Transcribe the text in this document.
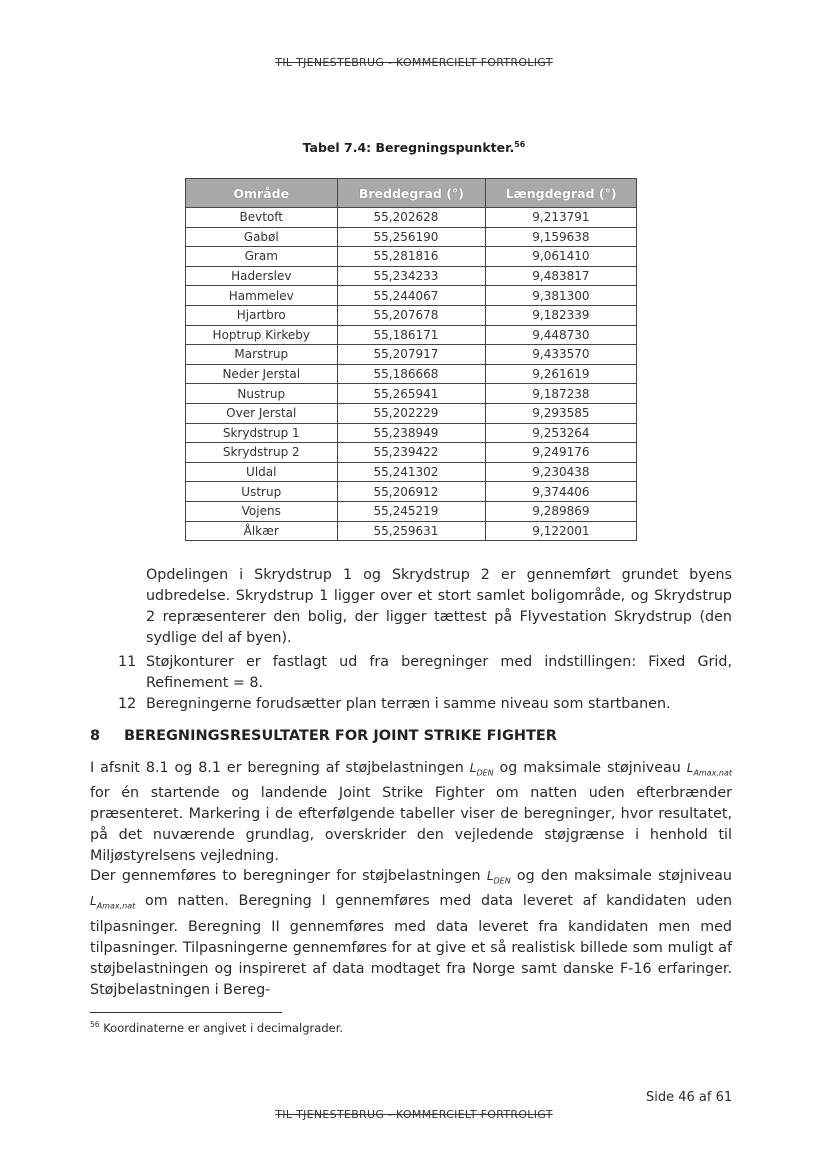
TIL TJENESTEBRUG - KOMMERCIELT FORTROLIGT
Tabel 7.4: Beregningspunkter.$^{56}$
Område	Breddegrad (°)	Længdegrad (°)
Bevtoft	55,202628	9,213791
Gabøl	55,256190	9,159638
Gram	55,281816	9,061410
Haderslev	55,234233	9,483817
Hammelev	55,244067	9,381300
Hjartbro	55,207678	9,182339
Hoptrup Kirkeby	55,186171	9,448730
Marstrup	55,207917	9,433570
Neder Jerstal	55,186668	9,261619
Nustrup	55,265941	9,187238
Over Jerstal	55,202229	9,293585
Skrydstrup 1	55,238949	9,253264
Skrydstrup 2	55,239422	9,249176
Uldal	55,241302	9,230438
Ustrup	55,206912	9,374406
Vojens	55,245219	9,289869
Ålkær	55,259631	9,122001

Opdelingen i Skrydstrup 1 og Skrydstrup 2 er gennemført grundet byens udbredelse. Skrydstrup 1 ligger over et stort samlet boligområde, og Skrydstrup 2 repræsenterer den bolig, der ligger tættest på Flyvestation Skrydstrup (den sydlige del af byen).

11 Støjkonturer er fastlagt ud fra beregninger med indstillingen: Fixed Grid, Refinement = 8.
12 Beregningerne forudsætter plan terræn i samme niveau som startbanen.
8 BEREGNINGSRESULTATER FOR JOINT STRIKE FIGHTER

I afsnit 8.1 og 8.1 er beregning af støjbelastningen $L_{DEN}$ og maksimale støjniveau $L_{Amax,nat}$ for én startende og landende Joint Strike Fighter om natten uden efterbrænder præsenteret. Markering i de efterfølgende tabeller viser de beregninger, hvor resultatet, på det nuværende grundlag, overskrider den vejledende støjgrænse i henhold til Miljøstyrelsens vejledning.

Der gennemføres to beregninger for støjbelastningen $L_{DEN}$ og den maksimale støjniveau $L_{Amax,nat}$ om natten. Beregning I gennemføres med data leveret af kandidaten uden tilpasninger. Beregning II gennemføres med data leveret fra kandidaten men med tilpasninger. Tilpasningerne gennemføres for at give et så realistisk billede som muligt af støjbelastningen og inspireret af data modtaget fra Norge samt danske F-16 erfaringer. Støjbelastningen i Bereg-

$^{56}$ Koordinaterne er angivet i decimalgrader.
Side 46 af 61
TIL TJENESTEBRUG - KOMMERCIELT FORTROLIGT
